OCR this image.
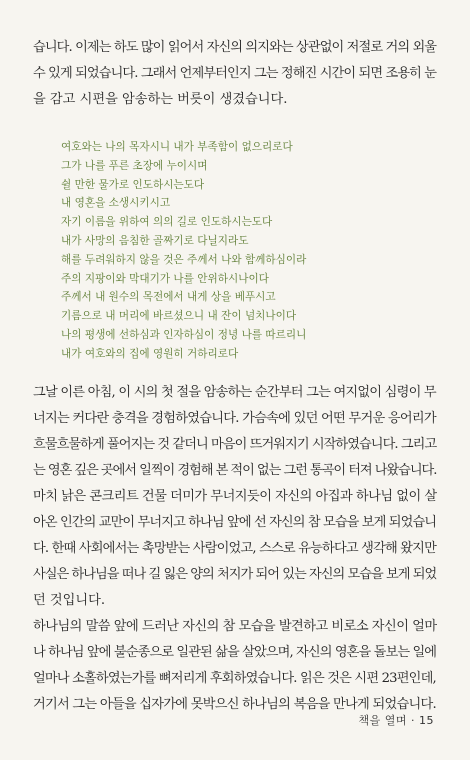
습니다. 이제는 하도 많이 읽어서 자신의 의지와는 상관없이 저절로 거의 외울
수 있게 되었습니다. 그래서 언제부터인지 그는 정해진 시간이 되면 조용히 눈
을 감고 시편을 암송하는 버릇이 생겼습니다.

여호와는 나의 목자시니 내가 부족함이 없으리로다
그가 나를 푸른 초장에 누이시며
쉴 만한 물가로 인도하시는도다
내 영혼을 소생시키시고
자기 이름을 위하여 의의 길로 인도하시는도다
내가 사망의 음침한 골짜기로 다닐지라도
해를 두려워하지 않을 것은 주께서 나와 함께하심이라
주의 지팡이와 막대기가 나를 안위하시나이다
주께서 내 원수의 목전에서 내게 상을 베푸시고
기름으로 내 머리에 바르셨으니 내 잔이 넘치나이다
나의 평생에 선하심과 인자하심이 정녕 나를 따르리니
내가 여호와의 집에 영원히 거하리로다

그날 이른 아침, 이 시의 첫 절을 암송하는 순간부터 그는 여지없이 심령이 무
너지는 커다란 충격을 경험하였습니다. 가슴속에 있던 어떤 무거운 응어리가
흐물흐물하게 풀어지는 것 같더니 마음이 뜨거워지기 시작하였습니다. 그리고
는 영혼 깊은 곳에서 일찍이 경험해 본 적이 없는 그런 통곡이 터져 나왔습니다.
마치 낡은 콘크리트 건물 더미가 무너지듯이 자신의 아집과 하나님 없이 살
아온 인간의 교만이 무너지고 하나님 앞에 선 자신의 참 모습을 보게 되었습니
다. 한때 사회에서는 촉망받는 사람이었고, 스스로 유능하다고 생각해 왔지만
사실은 하나님을 떠나 길 잃은 양의 처지가 되어 있는 자신의 모습을 보게 되었
던 것입니다.
하나님의 말씀 앞에 드러난 자신의 참 모습을 발견하고 비로소 자신이 얼마
나 하나님 앞에 불순종으로 일관된 삶을 살았으며, 자신의 영혼을 돌보는 일에
얼마나 소홀하였는가를 뼈저리게 후회하였습니다. 읽은 것은 시편 23편인데,
거기서 그는 아들을 십자가에 못박으신 하나님의 복음을 만나게 되었습니다.

책을 열며 · 15
